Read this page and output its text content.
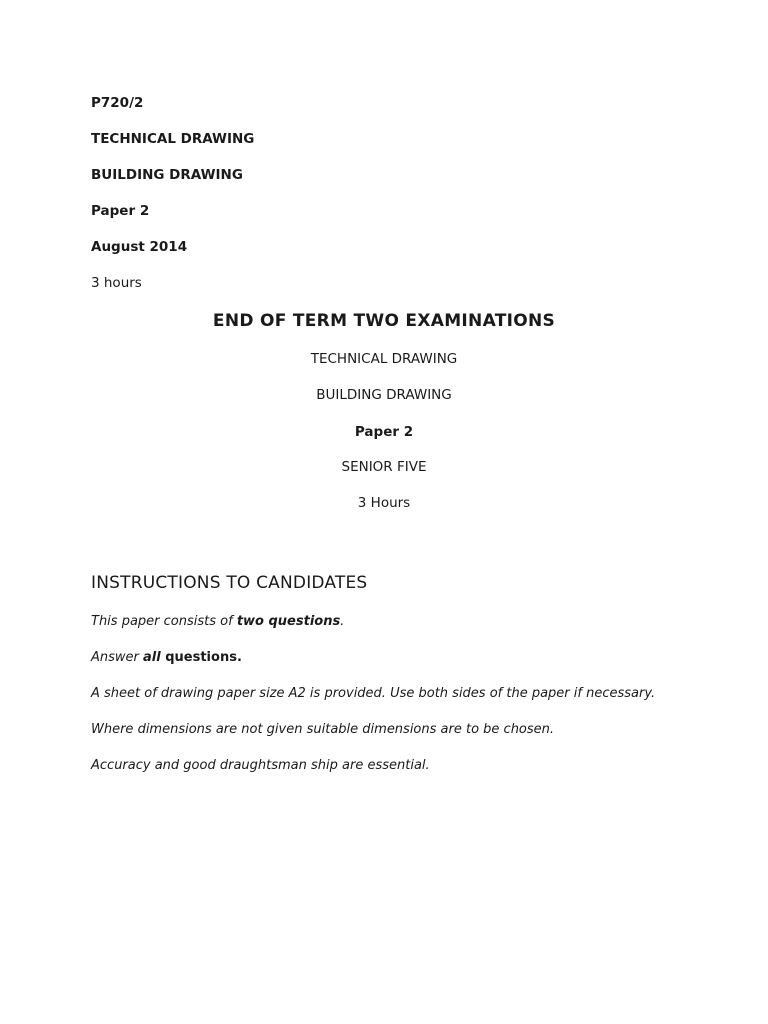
P720/2
TECHNICAL DRAWING
BUILDING DRAWING
Paper 2
August 2014
3 hours
END OF TERM TWO EXAMINATIONS
TECHNICAL DRAWING
BUILDING DRAWING
Paper 2
SENIOR FIVE
3 Hours
INSTRUCTIONS TO CANDIDATES
This paper consists of two questions.
Answer all questions.
A sheet of drawing paper size A2 is provided. Use both sides of the paper if necessary.
Where dimensions are not given suitable dimensions are to be chosen.
Accuracy and good draughtsman ship are essential.
